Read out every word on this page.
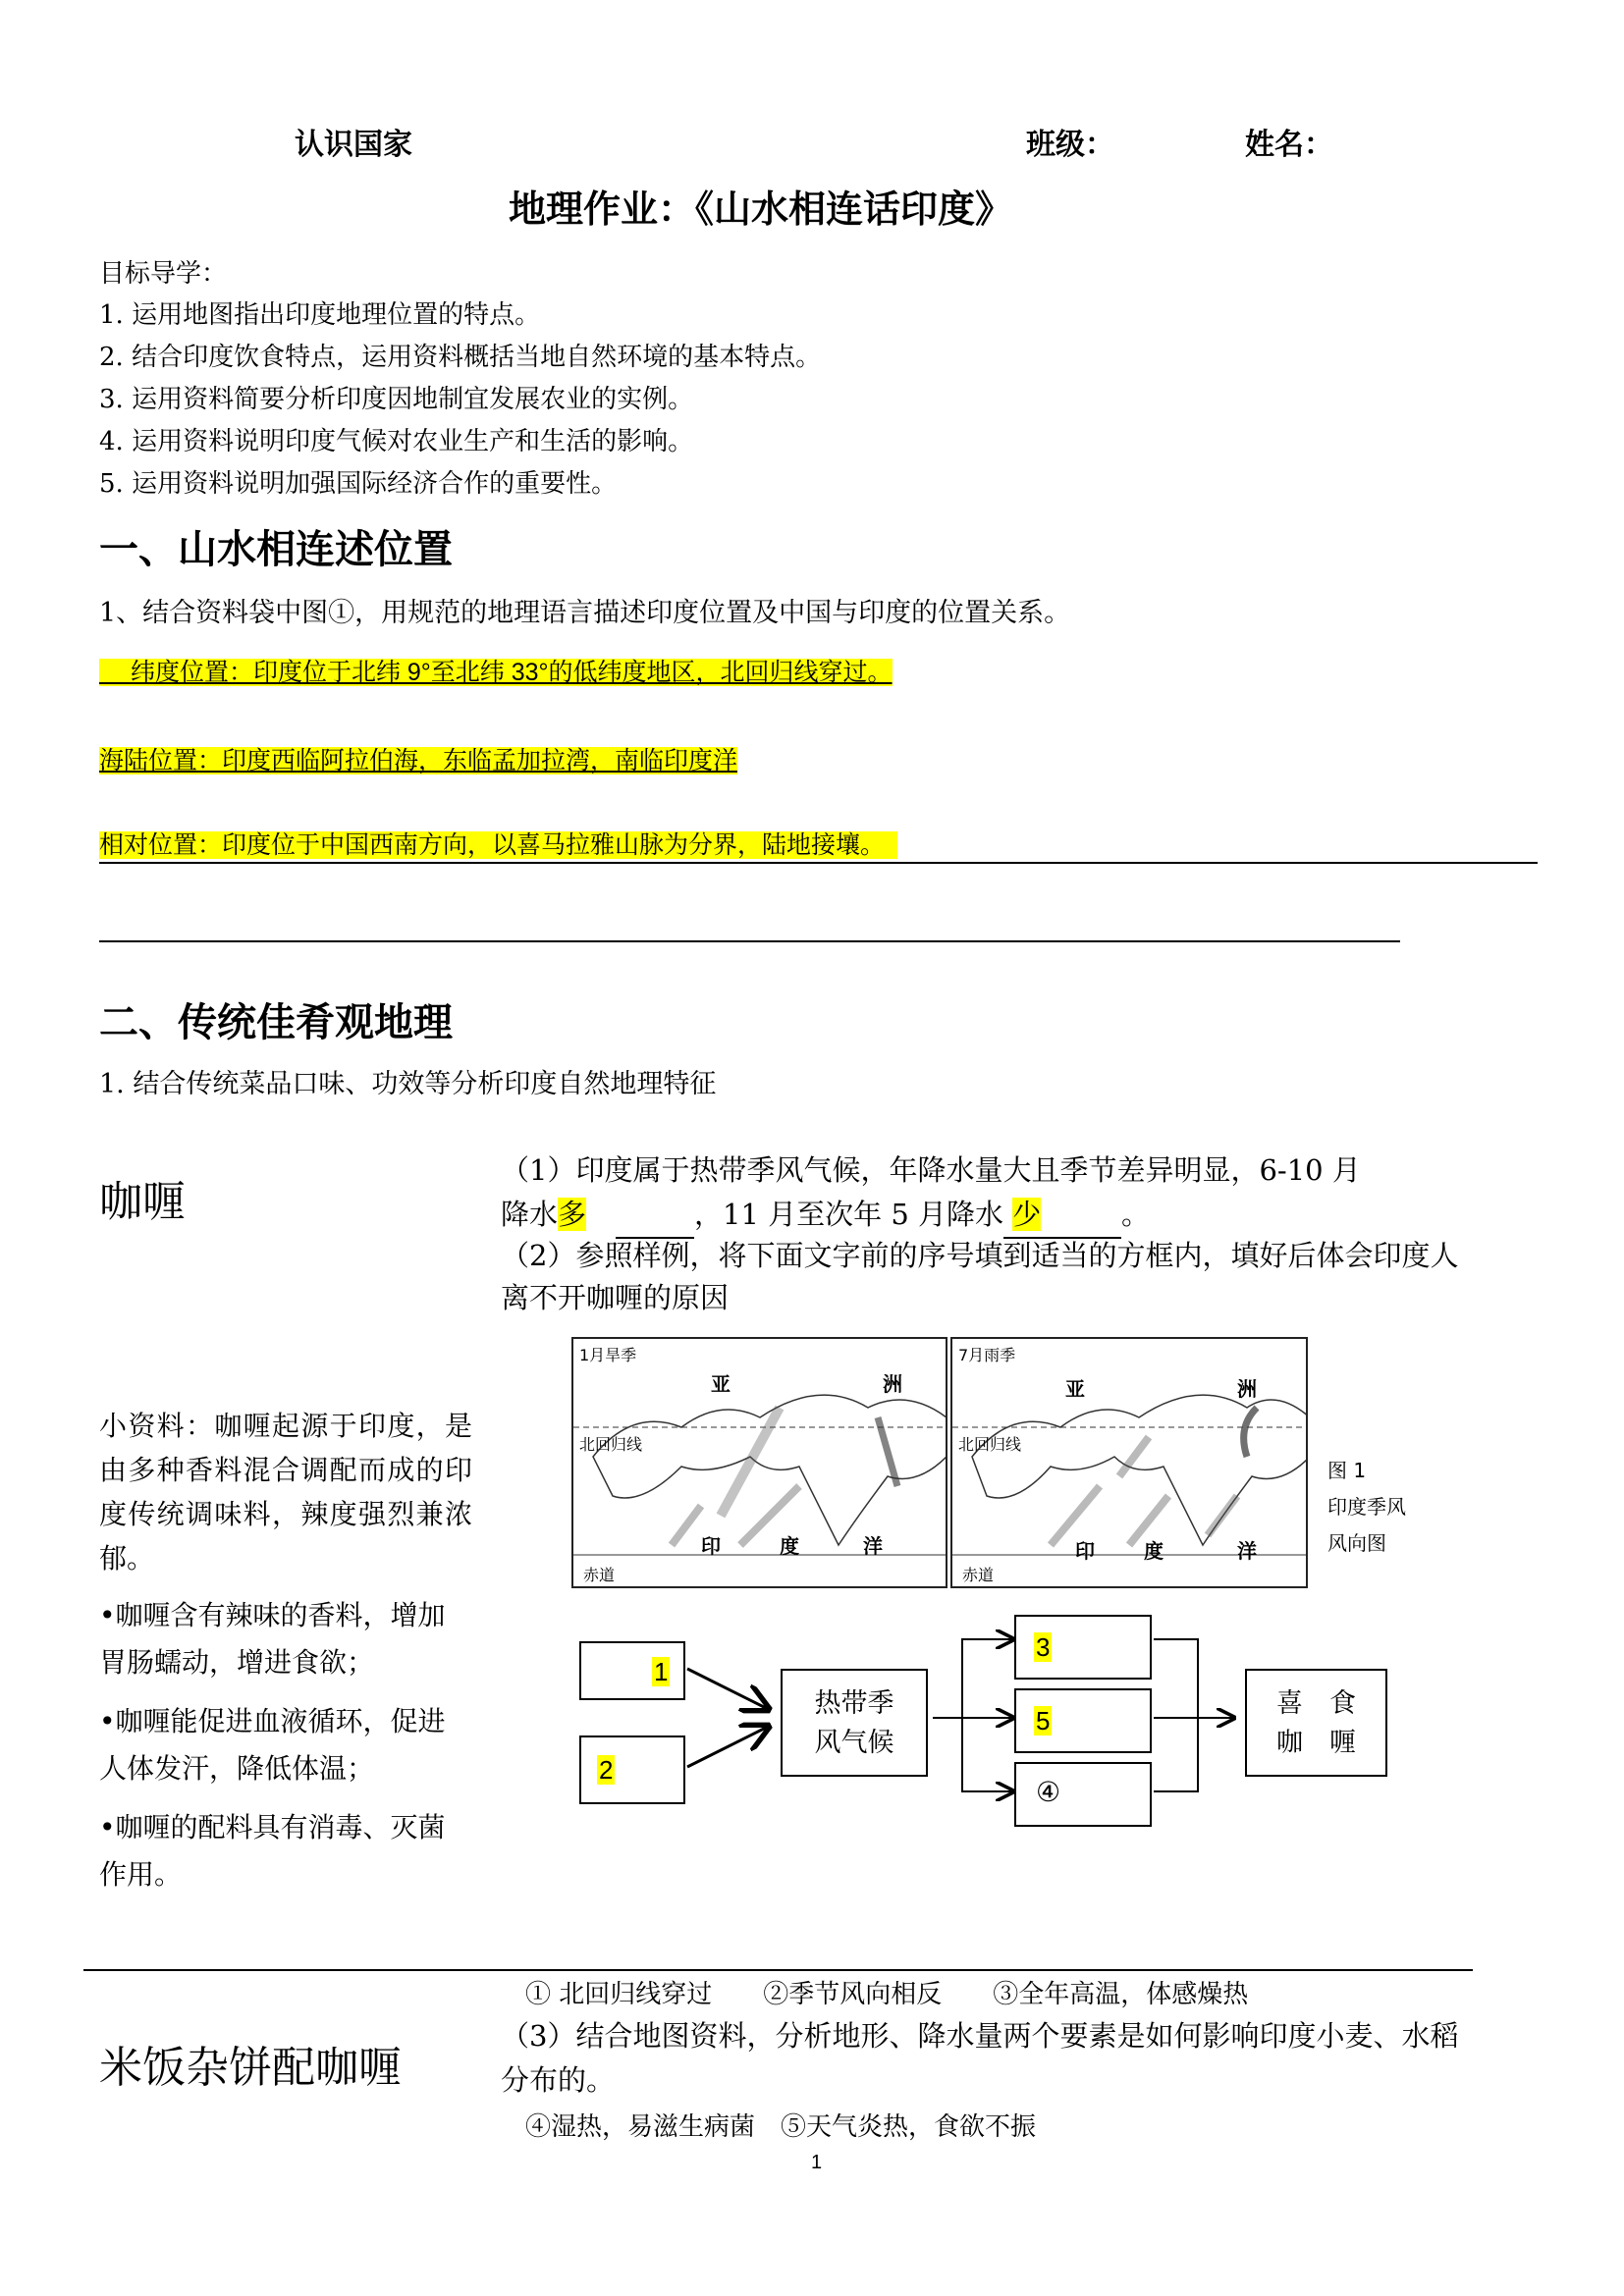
认识国家	班级：	姓名：
地理作业：《山水相连话印度》
目标导学：
1. 运用地图指出印度地理位置的特点。
2. 结合印度饮食特点，运用资料概括当地自然环境的基本特点。
3. 运用资料简要分析印度因地制宜发展农业的实例。
4. 运用资料说明印度气候对农业生产和生活的影响。
5. 运用资料说明加强国际经济合作的重要性。
一、山水相连述位置
1、结合资料袋中图①，用规范的地理语言描述印度位置及中国与印度的位置关系。
　 纬度位置：印度位于北纬 9°至北纬 33°的低纬度地区，北回归线穿过。
海陆位置：印度西临阿拉伯海，东临孟加拉湾，南临印度洋
相对位置：印度位于中国西南方向，以喜马拉雅山脉为分界，陆地接壤。　
二、传统佳肴观地理
1. 结合传统菜品口味、功效等分析印度自然地理特征
咖喱
（1）印度属于热带季风气候，年降水量大且季节差异明显，6-10 月
降水多	，11 月至次年 5 月降水 少	。
（2）参照样例，将下面文字前的序号填到适当的方框内，填好后体会印度人离不开咖喱的原因
小资料：咖喱起源于印度，是由多种香料混合调配而成的印度传统调味料，辣度强烈兼浓郁。
•咖喱含有辣味的香料，增加胃肠蠕动，增进食欲；
•咖喱能促进血液循环，促进人体发汗，降低体温；
•咖喱的配料具有消毒、灭菌作用。
1月旱季
亚	洲
北回归线
印	度	洋
赤道
7月雨季
亚	洲
北回归线
印	度	洋
赤道
图 1
印度季风
风向图
1
2
热带季
风气候
3
5
④
喜　食
咖　喱

① 北回归线穿过　　②季节风向相反　　③全年高温，体感燥热

④湿热，易滋生病菌　⑤天气炎热，食欲不振

米饭杂饼配咖喱
（3）结合地图资料，分析地形、降水量两个要素是如何影响印度小麦、水稻分布的。
1
